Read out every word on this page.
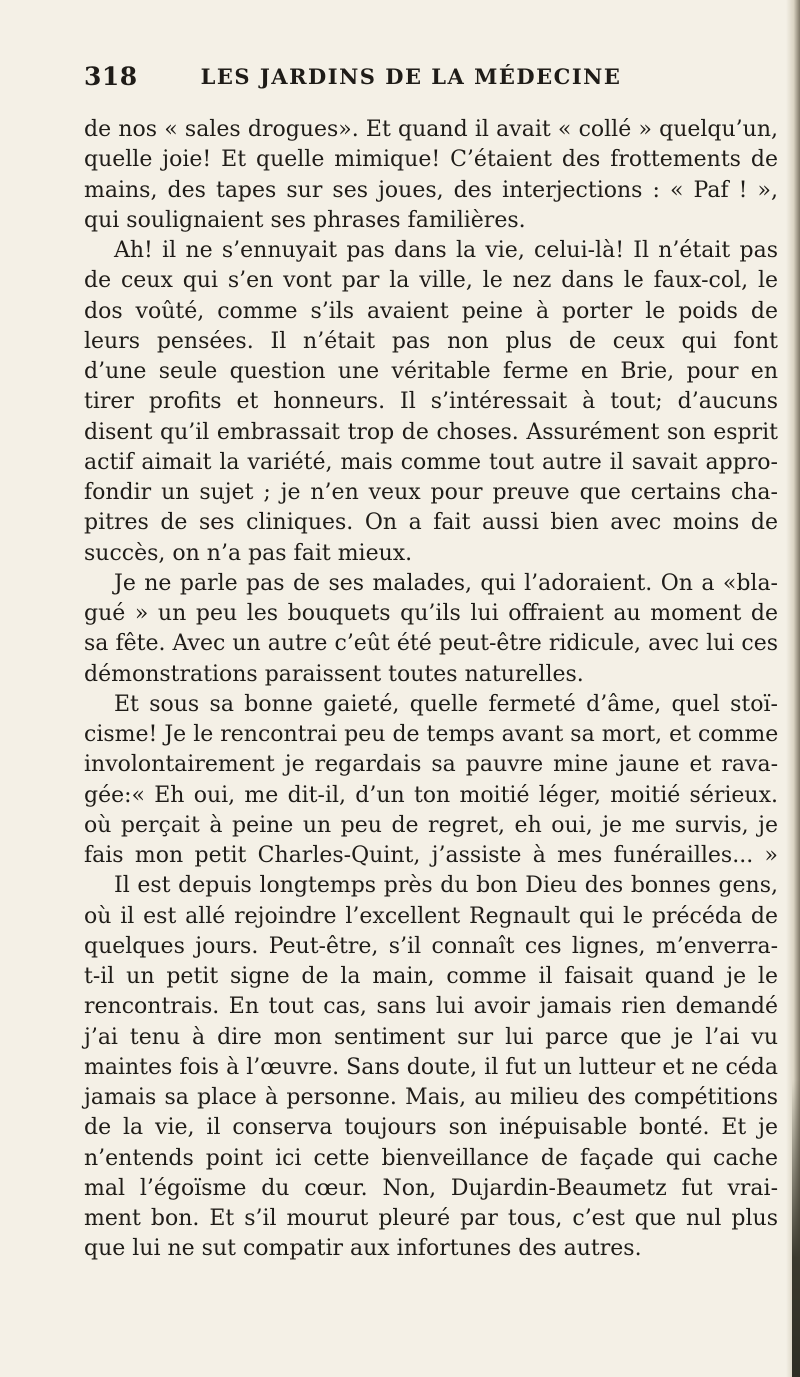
318	LES JARDINS DE LA MÉDECINE
de nos « sales drogues». Et quand il avait « collé » quelqu’un,
quelle joie! Et quelle mimique! C’étaient des frottements de
mains, des tapes sur ses joues, des interjections : « Paf ! »,
qui soulignaient ses phrases familières.
Ah! il ne s’ennuyait pas dans la vie, celui-là! Il n’était pas
de ceux qui s’en vont par la ville, le nez dans le faux-col, le
dos voûté, comme s’ils avaient peine à porter le poids de
leurs pensées. Il n’était pas non plus de ceux qui font
d’une seule question une véritable ferme en Brie, pour en
tirer profits et honneurs. Il s’intéressait à tout; d’aucuns
disent qu’il embrassait trop de choses. Assurément son esprit
actif aimait la variété, mais comme tout autre il savait appro-
fondir un sujet ; je n’en veux pour preuve que certains cha-
pitres de ses cliniques. On a fait aussi bien avec moins de
succès, on n’a pas fait mieux.
Je ne parle pas de ses malades, qui l’adoraient. On a «bla-
gué » un peu les bouquets qu’ils lui offraient au moment de
sa fête. Avec un autre c’eût été peut-être ridicule, avec lui ces
démonstrations paraissent toutes naturelles.
Et sous sa bonne gaieté, quelle fermeté d’âme, quel stoï-
cisme! Je le rencontrai peu de temps avant sa mort, et comme
involontairement je regardais sa pauvre mine jaune et rava-
gée:« Eh oui, me dit-il, d’un ton moitié léger, moitié sérieux.
où perçait à peine un peu de regret, eh oui, je me survis, je
fais mon petit Charles-Quint, j’assiste à mes funérailles... »
Il est depuis longtemps près du bon Dieu des bonnes gens,
où il est allé rejoindre l’excellent Regnault qui le précéda de
quelques jours. Peut-être, s’il connaît ces lignes, m’enverra-
t-il un petit signe de la main, comme il faisait quand je le
rencontrais. En tout cas, sans lui avoir jamais rien demandé
j’ai tenu à dire mon sentiment sur lui parce que je l’ai vu
maintes fois à l’œuvre. Sans doute, il fut un lutteur et ne céda
jamais sa place à personne. Mais, au milieu des compétitions
de la vie, il conserva toujours son inépuisable bonté. Et je
n’entends point ici cette bienveillance de façade qui cache
mal l’égoïsme du cœur. Non, Dujardin-Beaumetz fut vrai-
ment bon. Et s’il mourut pleuré par tous, c’est que nul plus
que lui ne sut compatir aux infortunes des autres.
